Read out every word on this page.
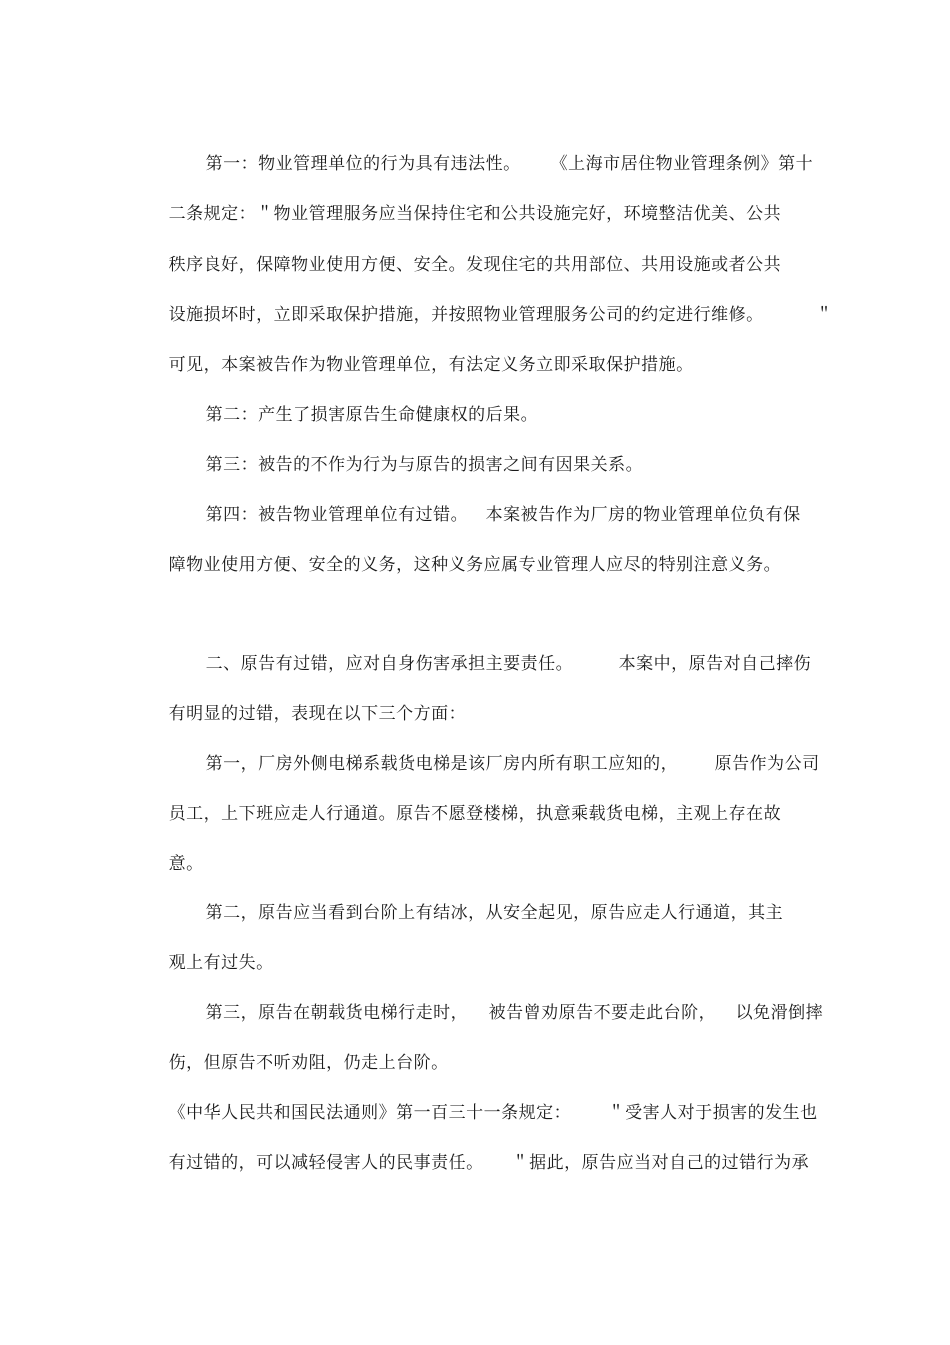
第一：物业管理单位的行为具有违法性。
	《上海市居住物业管理条例》第十

二条规定：＂物业管理服务应当保持住宅和公共设施完好，环境整洁优美、公共

秩序良好，保障物业使用方便、安全。发现住宅的共用部位、共用设施或者公共

设施损坏时，立即采取保护措施，并按照物业管理服务公司的约定进行维修。
	＂

可见，本案被告作为物业管理单位，有法定义务立即采取保护措施。

第二：产生了损害原告生命健康权的后果。

第三：被告的不作为行为与原告的损害之间有因果关系。

第四：被告物业管理单位有过错。
	本案被告作为厂房的物业管理单位负有保

障物业使用方便、安全的义务，这种义务应属专业管理人应尽的特别注意义务。

二、原告有过错，应对自身伤害承担主要责任。
	本案中，原告对自己摔伤

有明显的过错，表现在以下三个方面：

第一，厂房外侧电梯系载货电梯是该厂房内所有职工应知的，
	原告作为公司

员工，上下班应走人行通道。原告不愿登楼梯，执意乘载货电梯，主观上存在故

意。

第二，原告应当看到台阶上有结冰，从安全起见，原告应走人行通道，其主

观上有过失。

第三，原告在朝载货电梯行走时，
	被告曾劝原告不要走此台阶，
	以免滑倒摔

伤，但原告不听劝阻，仍走上台阶。

《中华人民共和国民法通则》第一百三十一条规定：
	＂受害人对于损害的发生也

有过错的，可以减轻侵害人的民事责任。
	＂据此，原告应当对自己的过错行为承
